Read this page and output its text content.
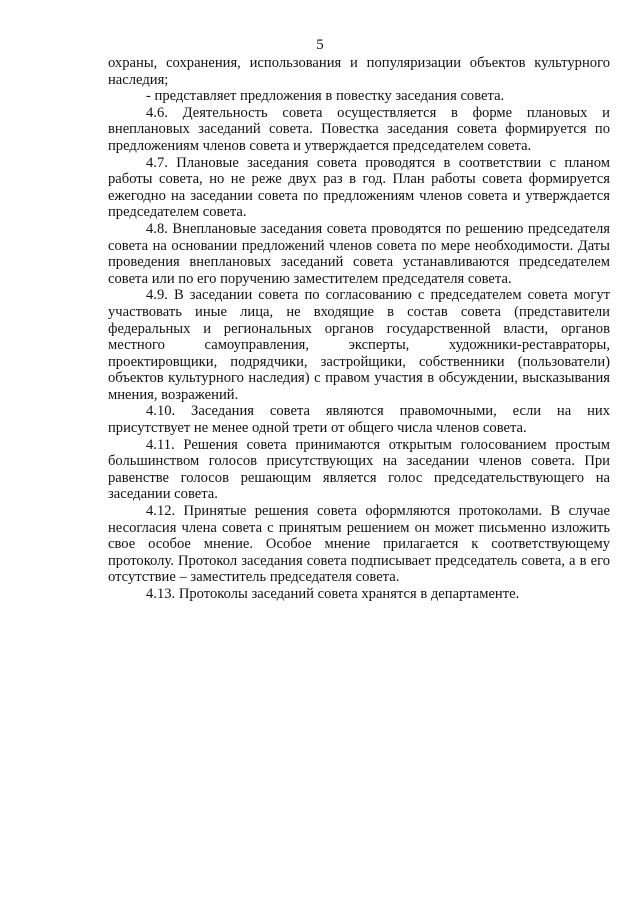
5

охраны, сохранения, использования и популяризации объектов культурного наследия;

- представляет предложения в повестку заседания совета.

4.6. Деятельность совета осуществляется в форме плановых и внеплановых заседаний совета. Повестка заседания совета формируется по предложениям членов совета и утверждается председателем совета.

4.7. Плановые заседания совета проводятся в соответствии с планом работы совета, но не реже двух раз в год. План работы совета формируется ежегодно на заседании совета по предложениям членов совета и утверждается председателем совета.

4.8. Внеплановые заседания совета проводятся по решению председателя совета на основании предложений членов совета по мере необходимости. Даты проведения внеплановых заседаний совета устанавливаются председателем совета или по его поручению заместителем председателя совета.

4.9. В заседании совета по согласованию с председателем совета могут участвовать иные лица, не входящие в состав совета (представители федеральных и региональных органов государственной власти, органов местного самоуправления, эксперты, художники-реставраторы, проектировщики, подрядчики, застройщики, собственники (пользователи) объектов культурного наследия) с правом участия в обсуждении, высказывания мнения, возражений.

4.10. Заседания совета являются правомочными, если на них присутствует не менее одной трети от общего числа членов совета.

4.11. Решения совета принимаются открытым голосованием простым большинством голосов присутствующих на заседании членов совета. При равенстве голосов решающим является голос председательствующего на заседании совета.

4.12. Принятые решения совета оформляются протоколами. В случае несогласия члена совета с принятым решением он может письменно изложить свое особое мнение. Особое мнение прилагается к соответствующему протоколу. Протокол заседания совета подписывает председатель совета, а в его отсутствие – заместитель председателя совета.

4.13. Протоколы заседаний совета хранятся в департаменте.
